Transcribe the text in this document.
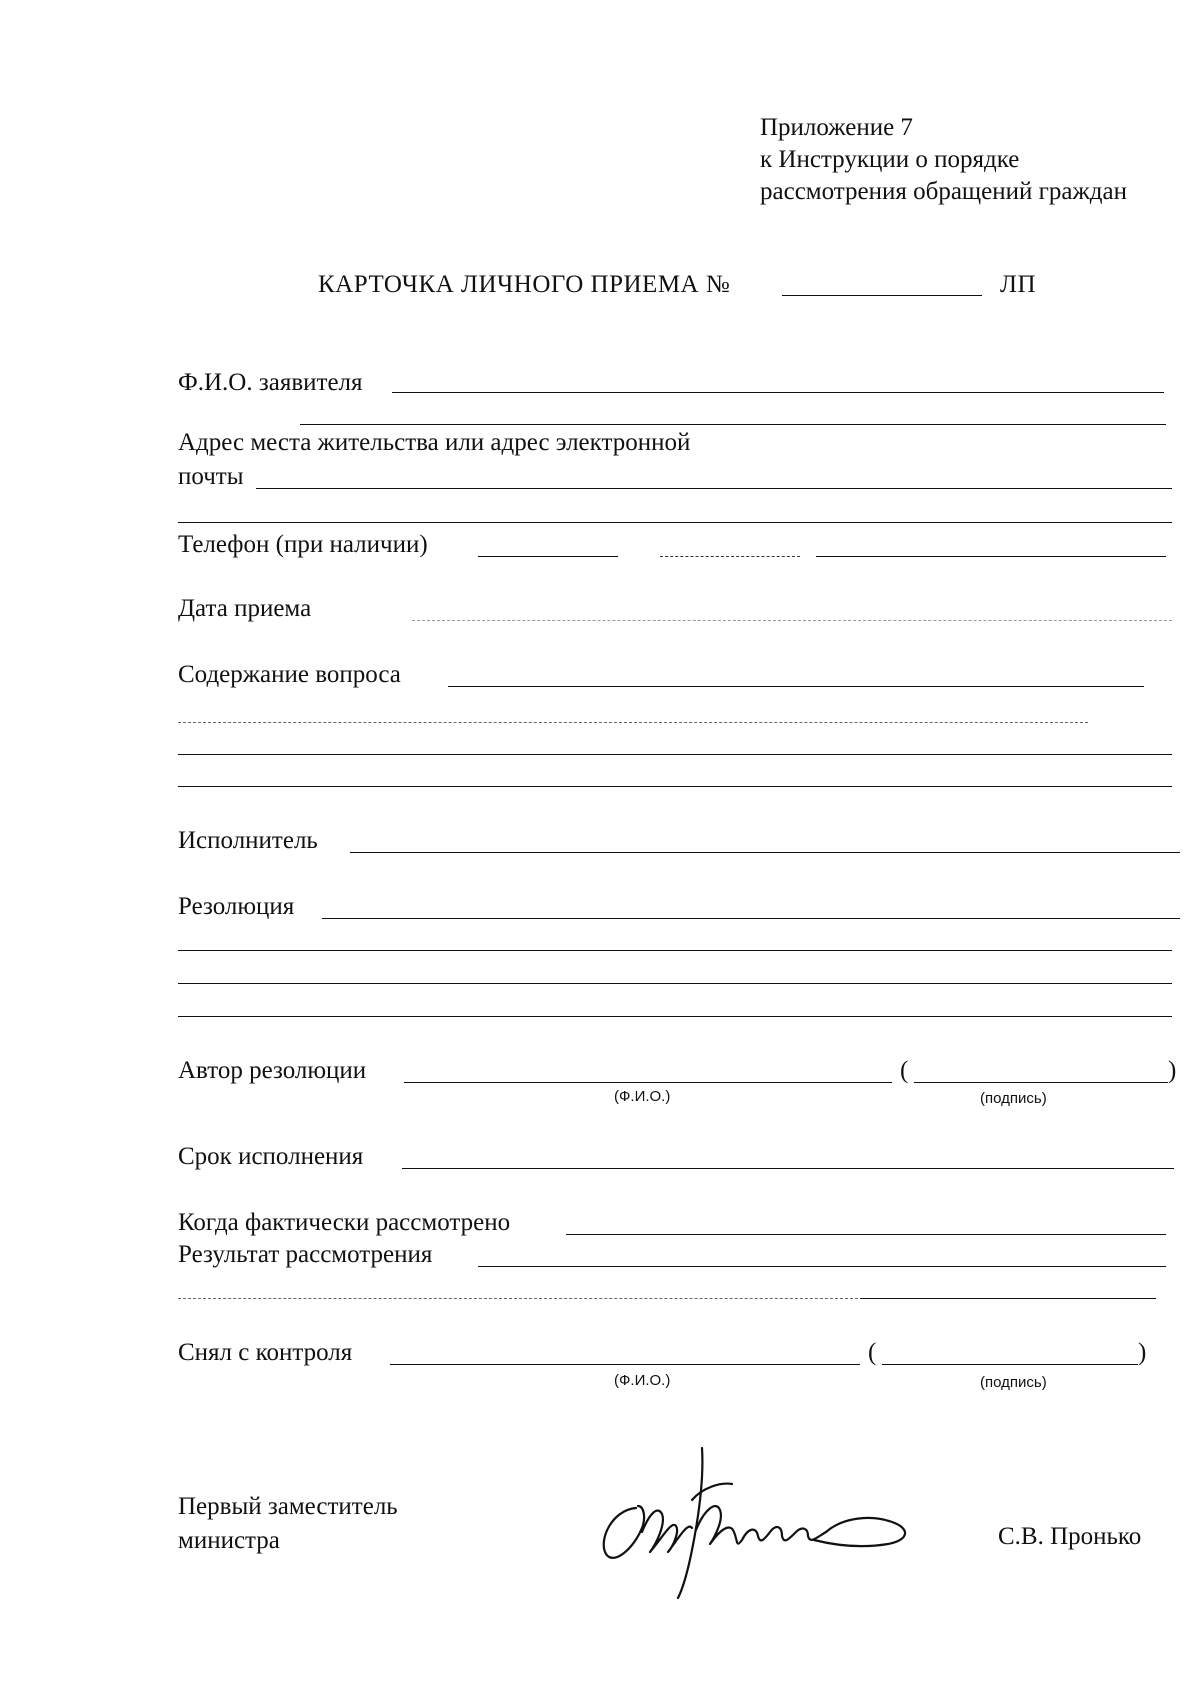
Приложение 7
к Инструкции о порядке
рассмотрения обращений граждан
КАРТОЧКА ЛИЧНОГО ПРИЕМА №	ЛП
Ф.И.О. заявителя
Адрес места жительства или адрес электронной
почты
Телефон (при наличии)
Дата приема
Содержание вопроса
Исполнитель
Резолюция
Автор резолюции	(	)
(Ф.И.О.)	(подпись)
Срок исполнения
Когда фактически рассмотрено
Результат рассмотрения
Снял с контроля	(	)
(Ф.И.О.)	(подпись)
Первый заместитель
министра	С.В. Пронько
